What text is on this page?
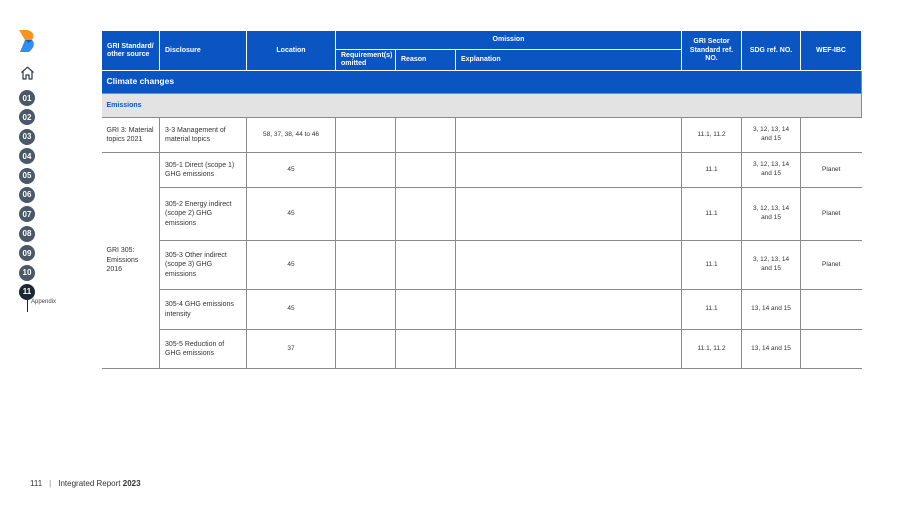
01
02
03
04
05
06
07
08
09
10
11
Appendix
GRI Standard/ other source	Disclosure	Location	Omission			GRI Sector Standard ref. NO.	SDG ref. NO.	WEF-IBC
			Requirement(s) omitted	Reason	Explanation			
Climate changes								
Emissions								
GRI 3: Material topics 2021	3-3 Management of material topics	58, 37, 38, 44 to 46				11.1, 11.2	3, 12, 13, 14 and 15	
GRI 305: Emissions 2016	305-1 Direct (scope 1) GHG emissions	45				11.1	3, 12, 13, 14 and 15	Planet
	305-2 Energy indirect (scope 2) GHG emissions	45				11.1	3, 12, 13, 14 and 15	Planet
	305-3 Other indirect (scope 3) GHG emissions	45				11.1	3, 12, 13, 14 and 15	Planet
	305-4 GHG emissions intensity	45				11.1	13, 14 and 15	
	305-5 Reduction of GHG emissions	37				11.1, 11.2	13, 14 and 15	
111 | Integrated Report 2023
